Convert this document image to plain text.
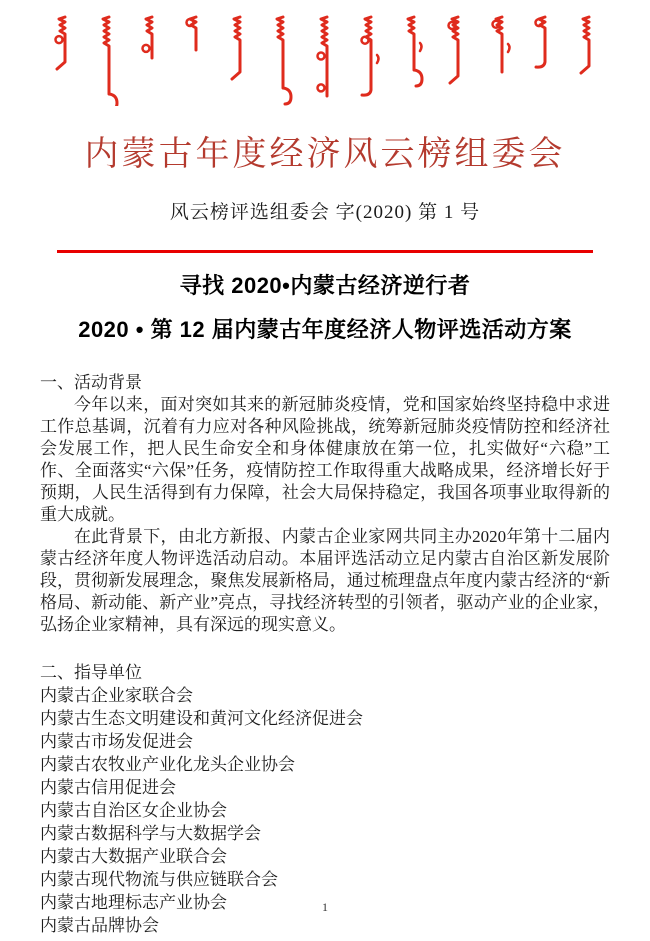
内蒙古年度经济风云榜组委会
风云榜评选组委会 字(2020) 第 1 号
寻找 2020•内蒙古经济逆行者
2020 • 第 12 届内蒙古年度经济人物评选活动方案
一、活动背景

今年以来，面对突如其来的新冠肺炎疫情，党和国家始终坚持稳中求进工作总基调，沉着有力应对各种风险挑战，统筹新冠肺炎疫情防控和经济社会发展工作，把人民生命安全和身体健康放在第一位，扎实做好“六稳”工作、全面落实“六保”任务，疫情防控工作取得重大战略成果，经济增长好于预期，人民生活得到有力保障，社会大局保持稳定，我国各项事业取得新的重大成就。

在此背景下，由北方新报、内蒙古企业家网共同主办2020年第十二届内蒙古经济年度人物评选活动启动。本届评选活动立足内蒙古自治区新发展阶段，贯彻新发展理念，聚焦发展新格局，通过梳理盘点年度内蒙古经济的“新格局、新动能、新产业”亮点，寻找经济转型的引领者，驱动产业的企业家，弘扬企业家精神，具有深远的现实意义。

二、指导单位
内蒙古企业家联合会
内蒙古生态文明建设和黄河文化经济促进会
内蒙古市场发促进会
内蒙古农牧业产业化龙头企业协会
内蒙古信用促进会
内蒙古自治区女企业协会
内蒙古数据科学与大数据学会
内蒙古大数据产业联合会
内蒙古现代物流与供应链联合会
内蒙古地理标志产业协会
内蒙古品牌协会
1
